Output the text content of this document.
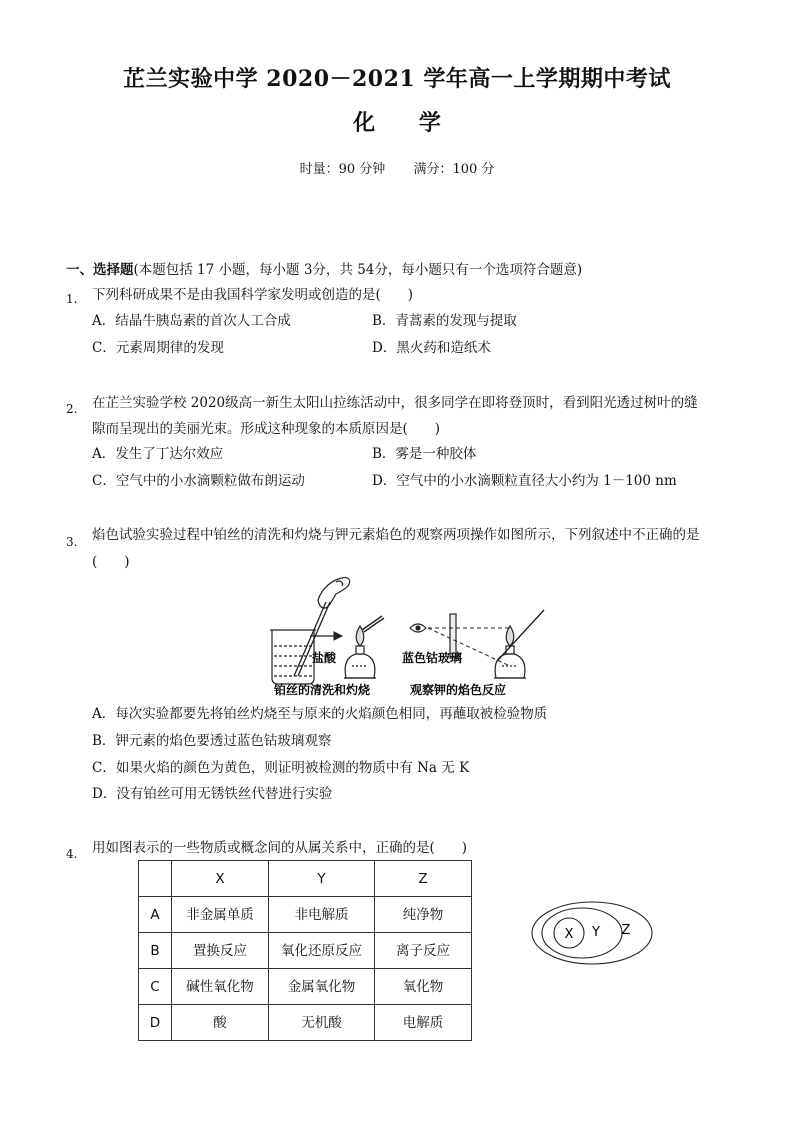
芷兰实验中学 2020－2021 学年高一上学期期中考试
化 学
时量：90 分钟 满分：100 分
一、选择题(本题包括 17 小题，每小题 3分，共 54分，每小题只有一个选项符合题意)
1. 下列科研成果不是由我国科学家发明或创造的是(　　)
A．结晶牛胰岛素的首次人工合成	B．青蒿素的发现与提取
C．元素周期律的发现	D．黑火药和造纸术
2. 在芷兰实验学校 2020级高一新生太阳山拉练活动中，很多同学在即将登顶时，看到阳光透过树叶的缝
隙而呈现出的美丽光束。形成这种现象的本质原因是(　　)
A．发生了丁达尔效应	B．雾是一种胶体
C．空气中的小水滴颗粒做布朗运动	D．空气中的小水滴颗粒直径大小约为 1－100 nm
3. 焰色试验实验过程中铂丝的清洗和灼烧与钾元素焰色的观察两项操作如图所示，下列叙述中不正确的是
(　　)
盐酸	蓝色钴玻璃
铂丝的清洗和灼烧	观察钾的焰色反应
A．每次实验都要先将铂丝灼烧至与原来的火焰颜色相同，再蘸取被检验物质
B．钾元素的焰色要透过蓝色钴玻璃观察
C．如果火焰的颜色为黄色，则证明被检测的物质中有 Na 无 K
D．没有铂丝可用无锈铁丝代替进行实验
4. 用如图表示的一些物质或概念间的从属关系中，正确的是(　　)
	X	Y	Z
A	非金属单质	非电解质	纯净物
B	置换反应	氧化还原反应	离子反应
C	碱性氧化物	金属氧化物	氧化物
D	酸	无机酸	电解质
X Y Z
